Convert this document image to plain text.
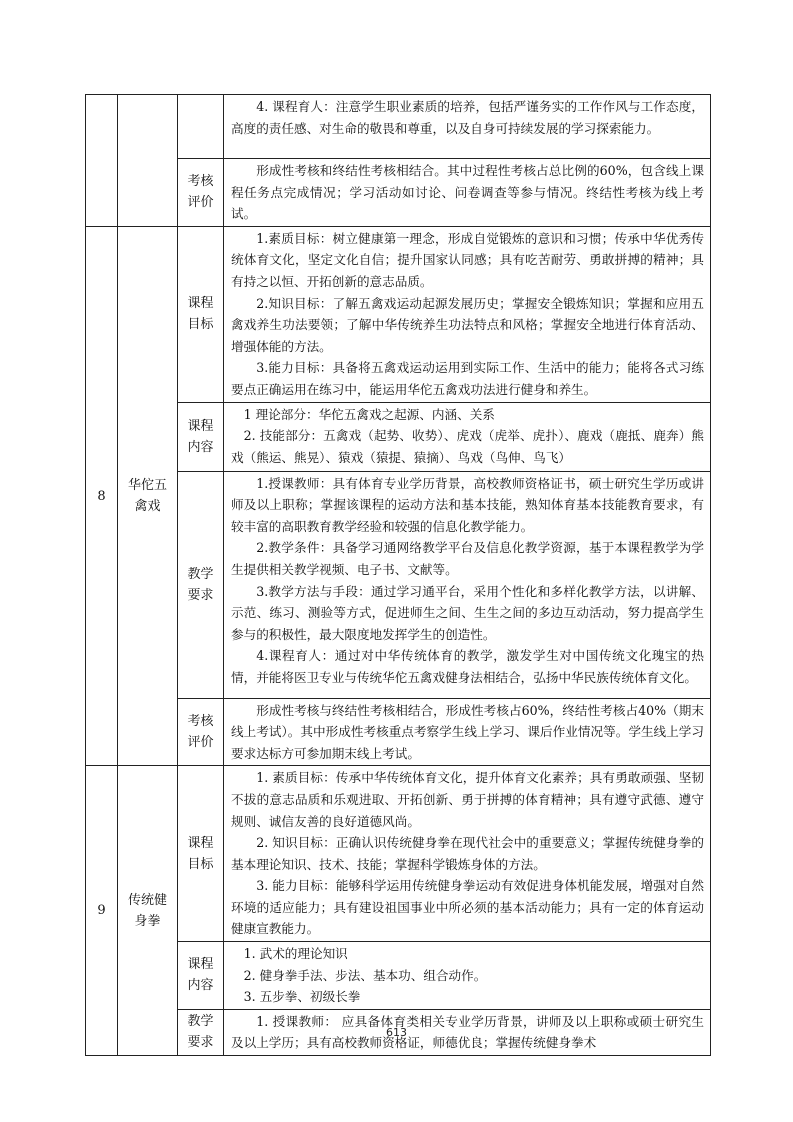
			4. 课程育人：注意学生职业素质的培养，包括严谨务实的工作作风与工作态度，高度的责任感、对生命的敬畏和尊重，以及自身可持续发展的学习探索能力。

		考核评价	形成性考核和终结性考核相结合。其中过程性考核占总比例的60%，包含线上课程任务点完成情况；学习活动如讨论、问卷调查等参与情况。终结性考核为线上考试。

8	华佗五禽戏	课程目标	1.素质目标：树立健康第一理念，形成自觉锻炼的意识和习惯；传承中华优秀传统体育文化，坚定文化自信；提升国家认同感；具有吃苦耐劳、勇敢拼搏的精神；具有持之以恒、开拓创新的意志品质。

2.知识目标：了解五禽戏运动起源发展历史；掌握安全锻炼知识；掌握和应用五禽戏养生功法要领；了解中华传统养生功法特点和风格；掌握安全地进行体育活动、增强体能的方法。

3.能力目标：具备将五禽戏运动运用到实际工作、生活中的能力；能将各式习练要点正确运用在练习中，能运用华佗五禽戏功法进行健身和养生。

		课程内容	1 理论部分：华佗五禽戏之起源、内涵、关系

2. 技能部分：五禽戏（起势、收势）、虎戏（虎举、虎扑）、鹿戏（鹿抵、鹿奔）熊戏（熊运、熊晃）、猿戏（猿提、猿摘）、鸟戏（鸟伸、鸟飞）

		教学要求	1.授课教师：具有体育专业学历背景，高校教师资格证书，硕士研究生学历或讲师及以上职称；掌握该课程的运动方法和基本技能，熟知体育基本技能教育要求，有较丰富的高职教育教学经验和较强的信息化教学能力。

2.教学条件：具备学习通网络教学平台及信息化教学资源，基于本课程教学为学生提供相关教学视频、电子书、文献等。

3.教学方法与手段：通过学习通平台，采用个性化和多样化教学方法，以讲解、示范、练习、测验等方式，促进师生之间、生生之间的多边互动活动，努力提高学生参与的积极性，最大限度地发挥学生的创造性。

4.课程育人：通过对中华传统体育的教学，激发学生对中国传统文化瑰宝的热情，并能将医卫专业与传统华佗五禽戏健身法相结合，弘扬中华民族传统体育文化。

		考核评价	形成性考核与终结性考核相结合，形成性考核占60%，终结性考核占40%（期末线上考试）。其中形成性考核重点考察学生线上学习、课后作业情况等。学生线上学习要求达标方可参加期末线上考试。

9	传统健身拳	课程目标	1. 素质目标：传承中华传统体育文化，提升体育文化素养；具有勇敢顽强、坚韧不拔的意志品质和乐观进取、开拓创新、勇于拼搏的体育精神；具有遵守武德、遵守规则、诚信友善的良好道德风尚。

2. 知识目标：正确认识传统健身拳在现代社会中的重要意义；掌握传统健身拳的基本理论知识、技术、技能；掌握科学锻炼身体的方法。

3. 能力目标：能够科学运用传统健身拳运动有效促进身体机能发展，增强对自然环境的适应能力；具有建设祖国事业中所必须的基本活动能力；具有一定的体育运动健康宣教能力。

		课程内容	1. 武术的理论知识

2. 健身拳手法、步法、基本功、组合动作。

3. 五步拳、初级长拳

		教学要求	1. 授课教师： 应具备体育类相关专业学历背景，讲师及以上职称或硕士研究生及以上学历；具有高校教师资格证，师德优良；掌握传统健身拳术

613
